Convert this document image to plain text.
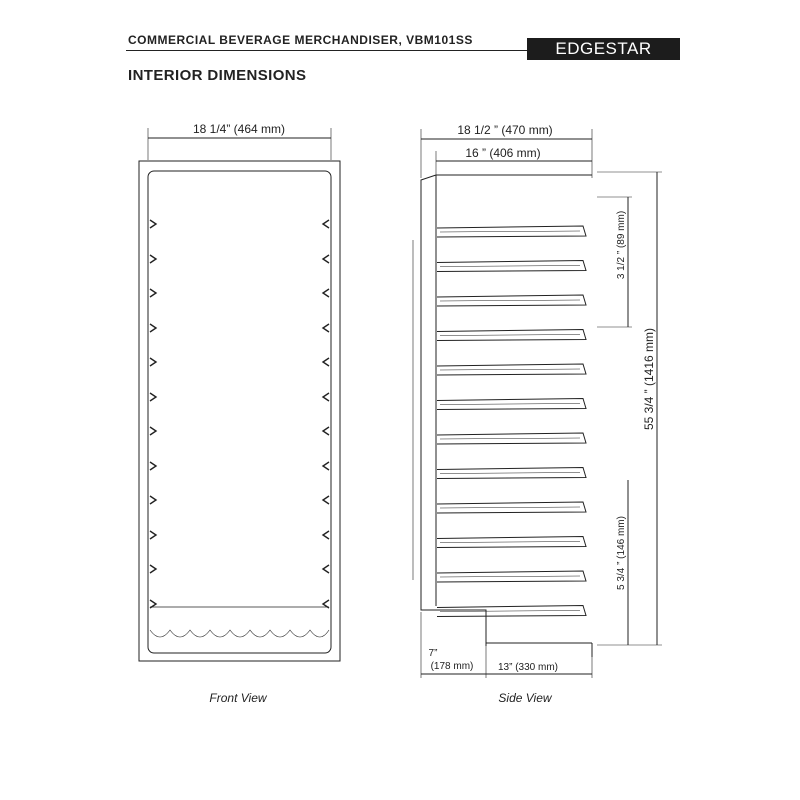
COMMERCIAL BEVERAGE MERCHANDISER, VBM101SS	EDGESTAR
INTERIOR DIMENSIONS
18 1/4” (464 mm)
Front View
18 1/2 ” (470 mm)
16 ” (406 mm)
55 3/4 ” (1416 mm)
3 1/2 ” (89 mm)
5 3/4 ” (146 mm)
7”
(178 mm) 13” (330 mm)
Side View
